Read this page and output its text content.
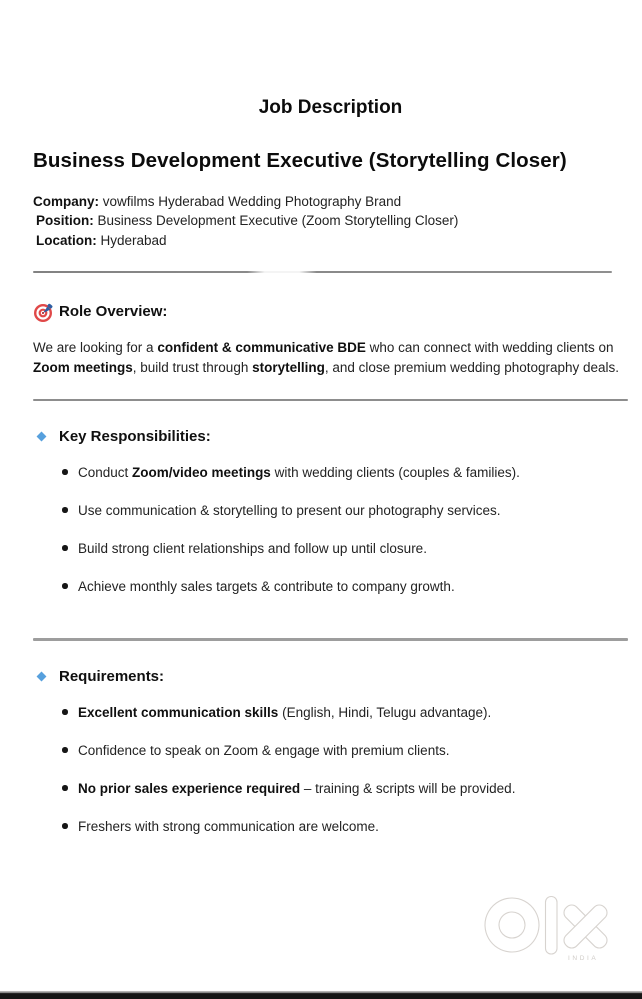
Job Description
Business Development Executive (Storytelling Closer)

Company: vowfilms Hyderabad Wedding Photography Brand

Position: Business Development Executive (Zoom Storytelling Closer)

Location: Hyderabad

Role Overview:

We are looking for a confident & communicative BDE who can connect with wedding clients on Zoom meetings, build trust through storytelling, and close premium wedding photography deals.

Key Responsibilities:
Conduct Zoom/video meetings with wedding clients (couples & families).
Use communication & storytelling to present our photography services.
Build strong client relationships and follow up until closure.
Achieve monthly sales targets & contribute to company growth.
Requirements:
Excellent communication skills (English, Hindi, Telugu advantage).
Confidence to speak on Zoom & engage with premium clients.
No prior sales experience required – training & scripts will be provided.
Freshers with strong communication are welcome.
INDIA
